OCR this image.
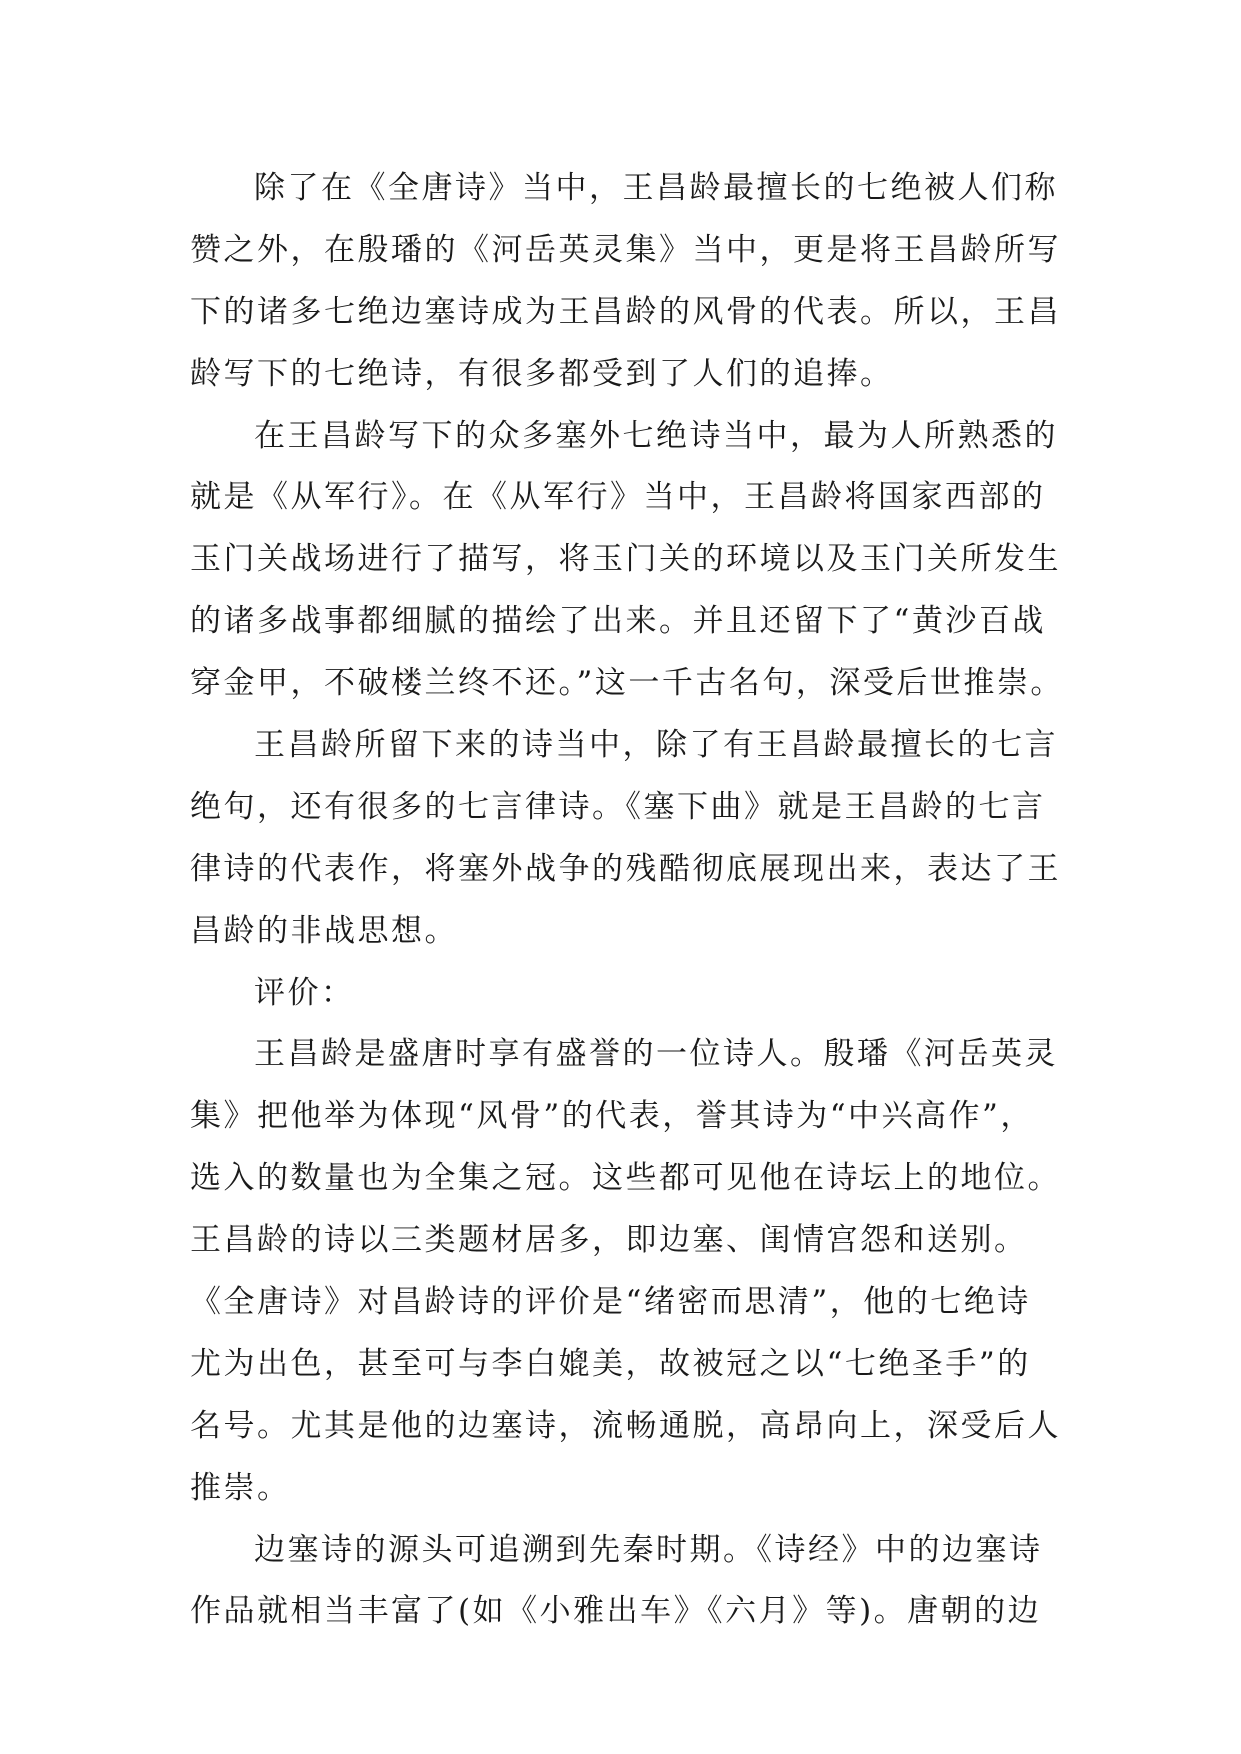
除了在《全唐诗》当中，王昌龄最擅长的七绝被人们称
赞之外，在殷璠的《河岳英灵集》当中，更是将王昌龄所写
下的诸多七绝边塞诗成为王昌龄的风骨的代表。所以，王昌
龄写下的七绝诗，有很多都受到了人们的追捧。
在王昌龄写下的众多塞外七绝诗当中，最为人所熟悉的
就是《从军行》。在《从军行》当中，王昌龄将国家西部的
玉门关战场进行了描写，将玉门关的环境以及玉门关所发生
的诸多战事都细腻的描绘了出来。并且还留下了“黄沙百战
穿金甲，不破楼兰终不还。”这一千古名句，深受后世推崇。
王昌龄所留下来的诗当中，除了有王昌龄最擅长的七言
绝句，还有很多的七言律诗。《塞下曲》就是王昌龄的七言
律诗的代表作，将塞外战争的残酷彻底展现出来，表达了王
昌龄的非战思想。
评价：
王昌龄是盛唐时享有盛誉的一位诗人。殷璠《河岳英灵
集》把他举为体现“风骨”的代表，誉其诗为“中兴高作”，
选入的数量也为全集之冠。这些都可见他在诗坛上的地位。
王昌龄的诗以三类题材居多，即边塞、闺情宫怨和送别。
《全唐诗》对昌龄诗的评价是“绪密而思清”，他的七绝诗
尤为出色，甚至可与李白媲美，故被冠之以“七绝圣手”的
名号。尤其是他的边塞诗，流畅通脱，高昂向上，深受后人
推崇。
边塞诗的源头可追溯到先秦时期。《诗经》中的边塞诗
作品就相当丰富了(如《小雅出车》《六月》等)。唐朝的边
